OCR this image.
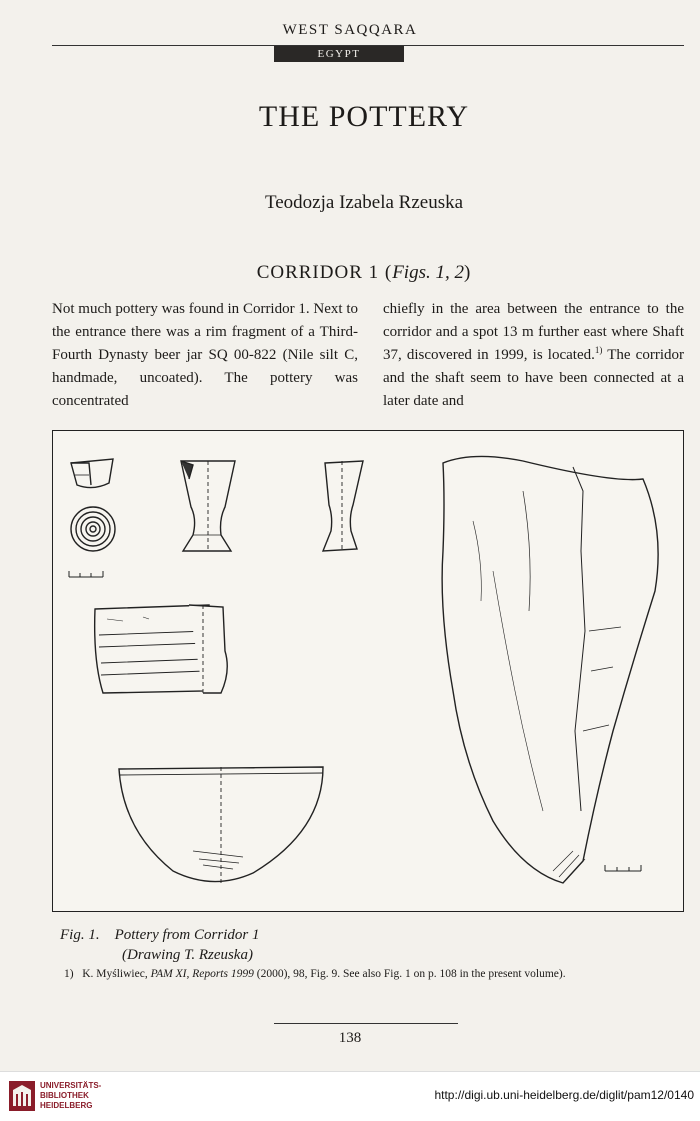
WEST SAQQARA
EGYPT

THE POTTERY
Teodozja Izabela Rzeuska
CORRIDOR 1 (Figs. 1, 2)
Not much pottery was found in Corridor 1. Next to the entrance there was a rim fragment of a Third-Fourth Dynasty beer jar SQ 00-822 (Nile silt C, handmade, uncoated). The pottery was concentrated
chiefly in the area between the entrance to the corridor and a spot 13 m further east where Shaft 37, discovered in 1999, is located.$^{1)}$ The corridor and the shaft seem to have been connected at a later date and
Fig. 1.    Pottery from Corridor 1
(Drawing T. Rzeuska)
1) K. Myśliwiec, PAM XI, Reports 1999 (2000), 98, Fig. 9. See also Fig. 1 on p. 108 in the present volume).
138
UNIVERSITÄTS-
BIBLIOTHEK
HEIDELBERG
http://digi.ub.uni-heidelberg.de/diglit/pam12/0140
